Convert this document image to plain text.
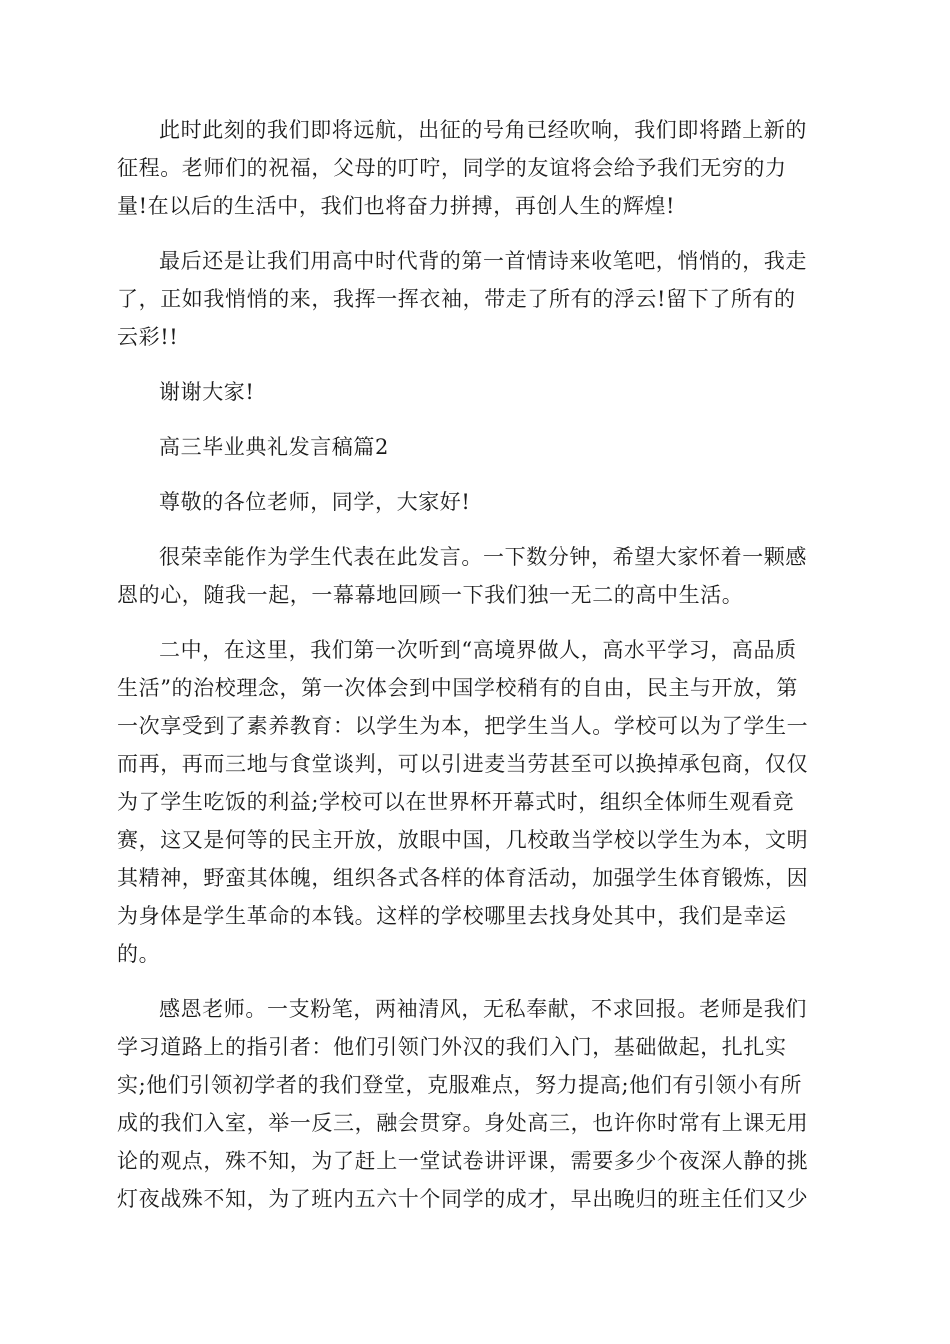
此时此刻的我们即将远航，出征的号角已经吹响，我们即将踏上新的
征程。老师们的祝福，父母的叮咛，同学的友谊将会给予我们无穷的力
量!在以后的生活中，我们也将奋力拼搏，再创人生的辉煌!
最后还是让我们用高中时代背的第一首情诗来收笔吧，悄悄的，我走
了，正如我悄悄的来，我挥一挥衣袖，带走了所有的浮云!留下了所有的
云彩!!
谢谢大家!
高三毕业典礼发言稿篇2
尊敬的各位老师，同学，大家好!
很荣幸能作为学生代表在此发言。一下数分钟，希望大家怀着一颗感
恩的心，随我一起，一幕幕地回顾一下我们独一无二的高中生活。
二中，在这里，我们第一次听到“高境界做人，高水平学习，高品质
生活”的治校理念，第一次体会到中国学校稍有的自由，民主与开放，第
一次享受到了素养教育：以学生为本，把学生当人。学校可以为了学生一
而再，再而三地与食堂谈判，可以引进麦当劳甚至可以换掉承包商，仅仅
为了学生吃饭的利益;学校可以在世界杯开幕式时，组织全体师生观看竞
赛，这又是何等的民主开放，放眼中国，几校敢当学校以学生为本，文明
其精神，野蛮其体魄，组织各式各样的体育活动，加强学生体育锻炼，因
为身体是学生革命的本钱。这样的学校哪里去找身处其中，我们是幸运
的。
感恩老师。一支粉笔，两袖清风，无私奉献，不求回报。老师是我们
学习道路上的指引者：他们引领门外汉的我们入门，基础做起，扎扎实
实;他们引领初学者的我们登堂，克服难点，努力提高;他们有引领小有所
成的我们入室，举一反三，融会贯穿。身处高三，也许你时常有上课无用
论的观点，殊不知，为了赶上一堂试卷讲评课，需要多少个夜深人静的挑
灯夜战殊不知，为了班内五六十个同学的成才，早出晚归的班主任们又少
